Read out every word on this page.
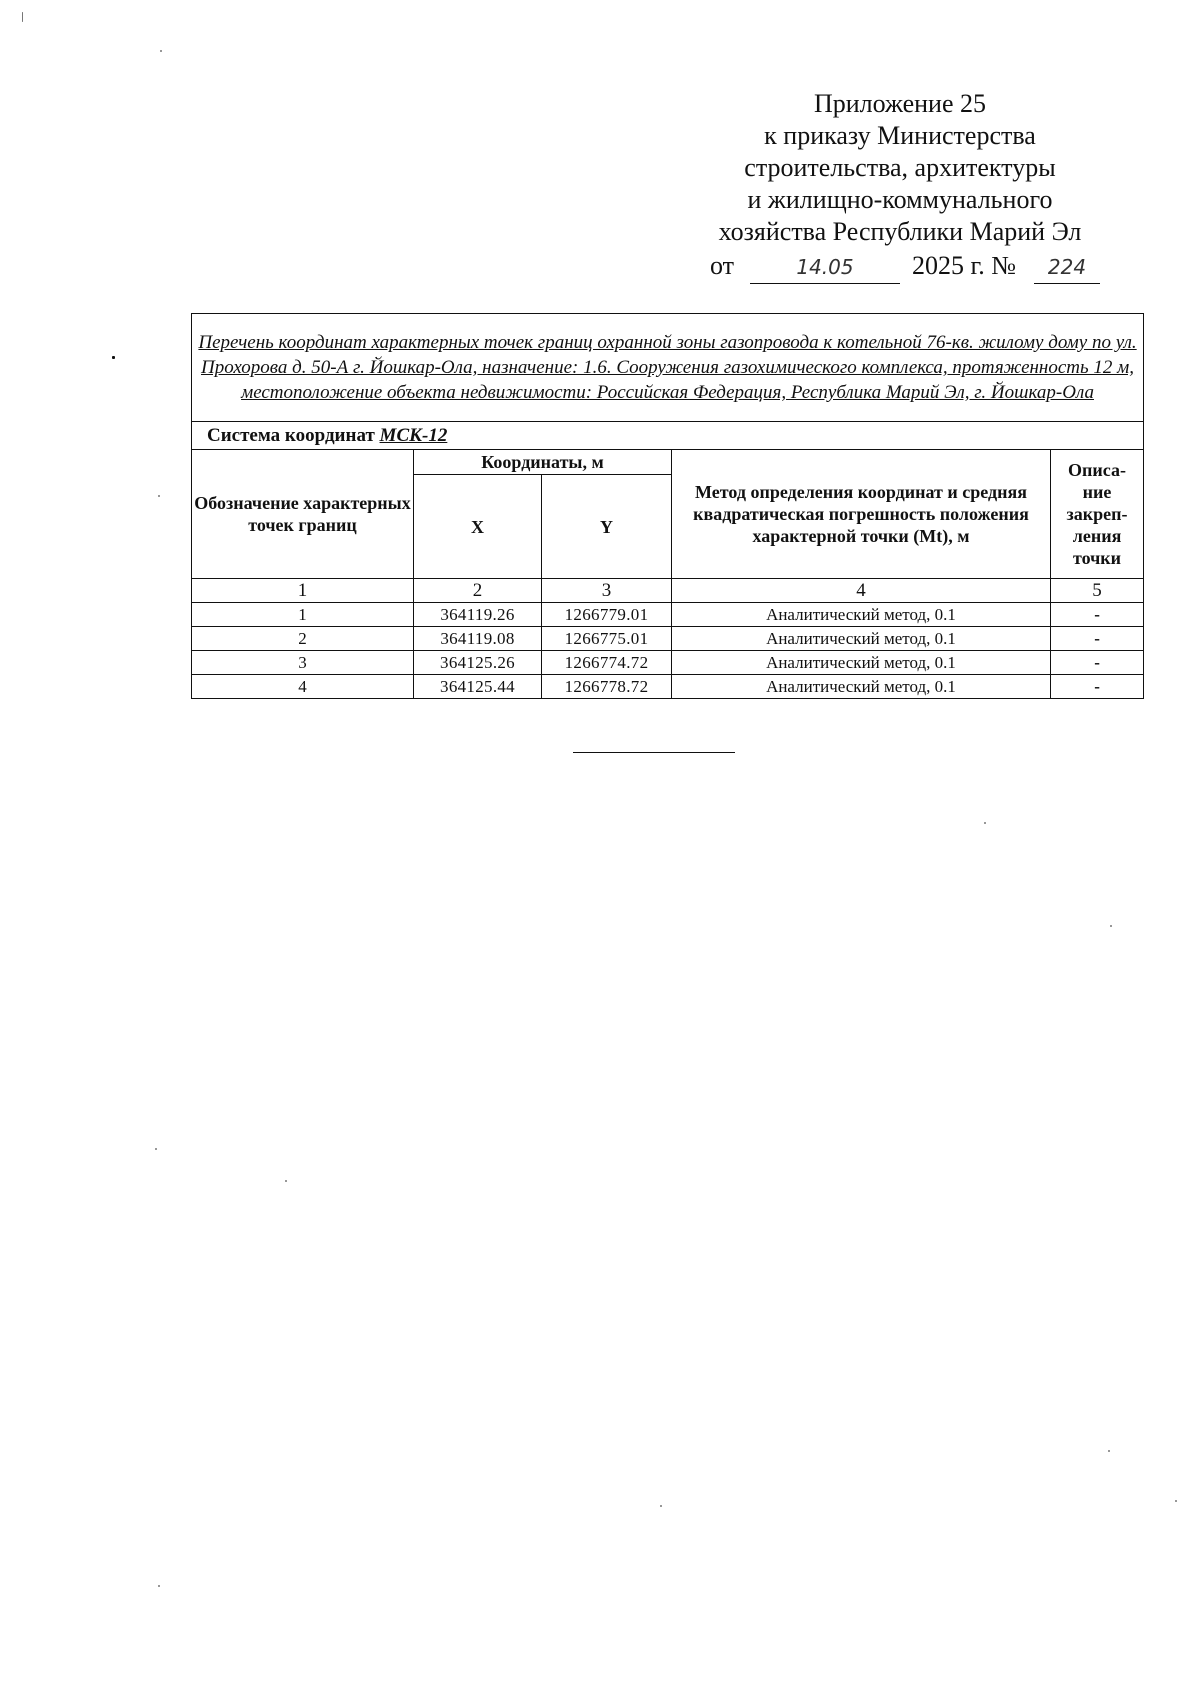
Приложение 25
к приказу Министерства
строительства, архитектуры
и жилищно-коммунального
хозяйства Республики Марий Эл
от	14.05	2025 г. №	224
Перечень координат характерных точек границ охранной зоны газопровода к котельной 76-кв. жилому дому по ул. Прохорова д. 50-А г. Йошкар-Ола, назначение: 1.6. Сооружения газохимического комплекса, протяженность 12 м, местоположение объекта недвижимости: Российская Федерация, Республика Марий Эл, г. Йошкар-Ола				
Система координат МСК-12				
Обозначение характерных точек границ	Координаты, м		Метод определения координат и средняя квадратическая погрешность положения характерной точки (Mt), м	Описа-ние закреп-ления точки
	X	Y		
1	2	3	4	5
1	364119.26	1266779.01	Аналитический метод, 0.1	-
2	364119.08	1266775.01	Аналитический метод, 0.1	-
3	364125.26	1266774.72	Аналитический метод, 0.1	-
4	364125.44	1266778.72	Аналитический метод, 0.1	-
